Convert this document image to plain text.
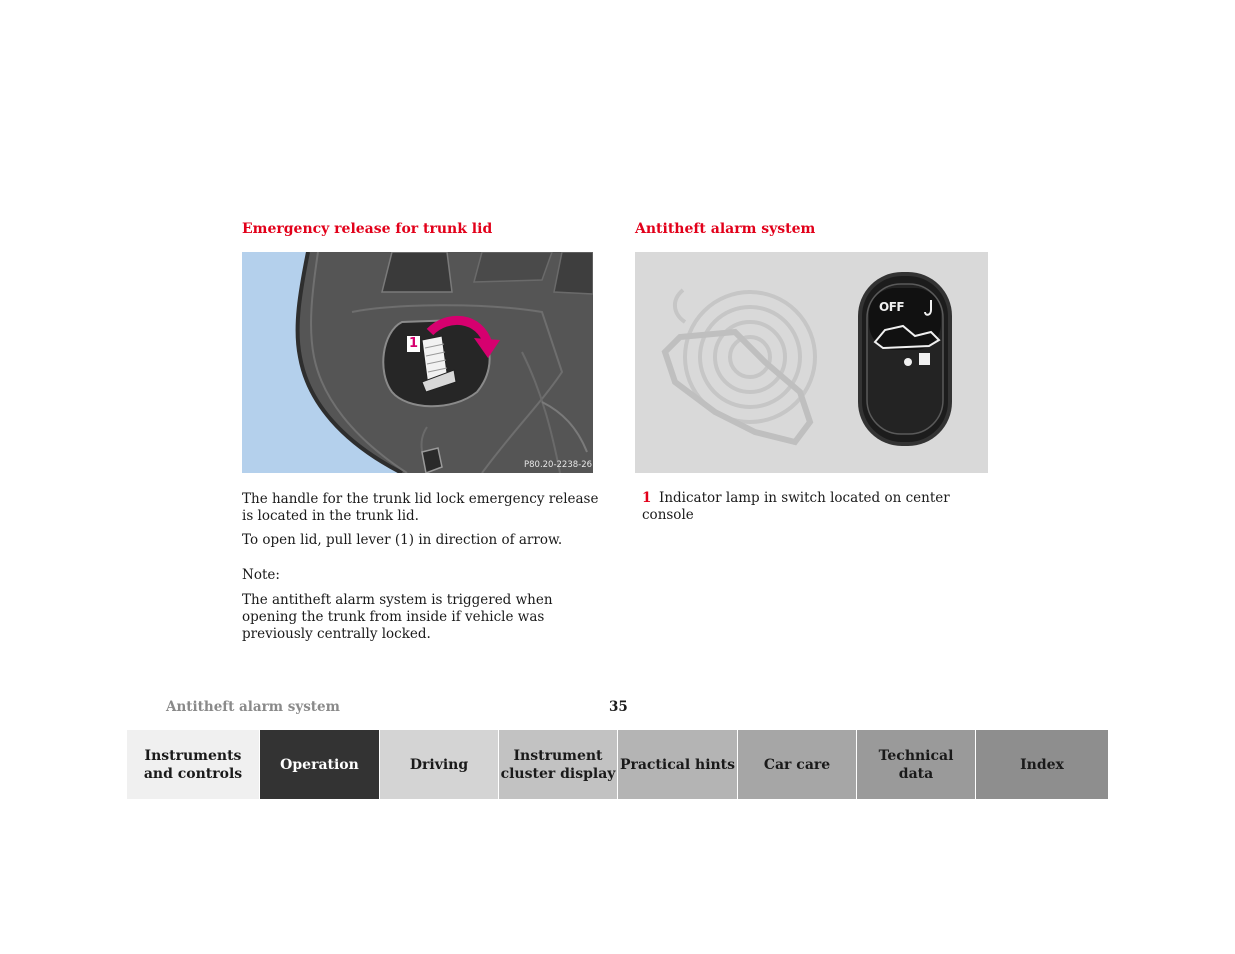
Emergency release for trunk lid
1
P80.20-2238-26

The handle for the trunk lid lock emergency release is located in the trunk lid.

To open lid, pull lever (1) in direction of arrow.

Note:

The antitheft alarm system is triggered when opening the trunk from inside if vehicle was previously centrally locked.

Antitheft alarm system
OFF

1 Indicator lamp in switch located on center console

Antitheft alarm system	35
Instruments
and controls
Operation	Driving
Instrument
cluster display
Practical hints	Car care
Technical
data
Index
